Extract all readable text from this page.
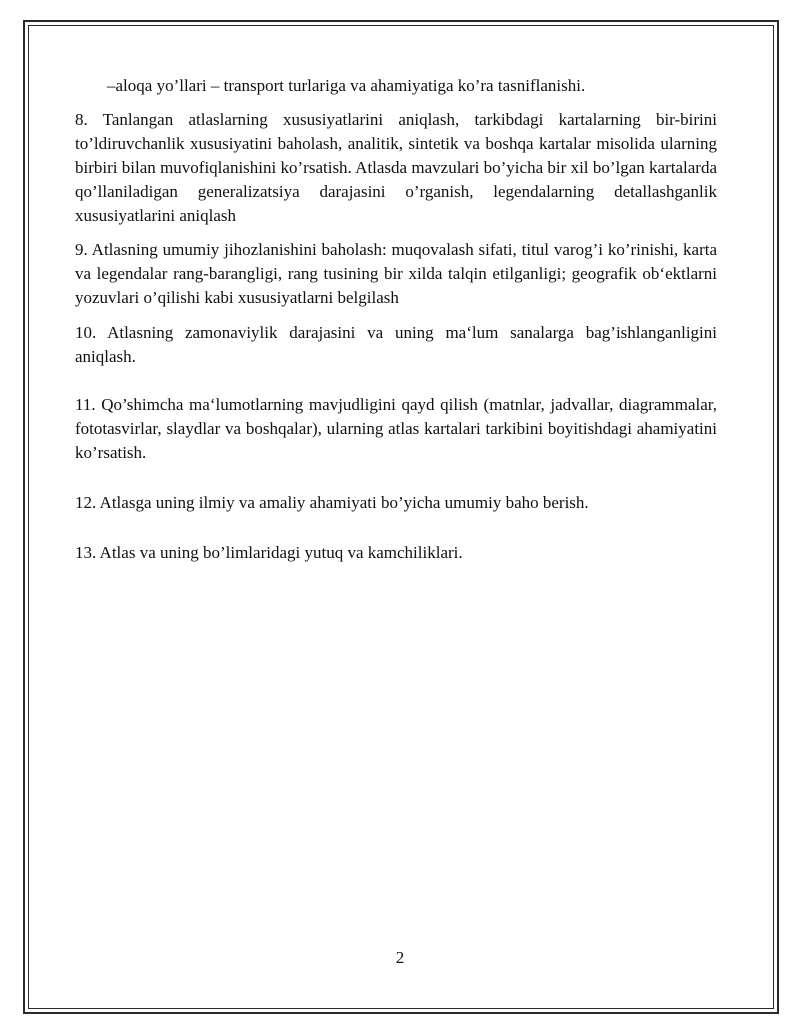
–aloqa yo’llari – transport turlariga va ahamiyatiga ko’ra tasniflanishi.

8. Tanlangan atlaslarning xususiyatlarini aniqlash, tarkibdagi kartalarning bir-birini to’ldiruvchanlik xususiyatini baholash, analitik, sintetik va boshqa kartalar misolida ularning birbiri bilan muvofiqlanishini ko’rsatish. Atlasda mavzulari bo’yicha bir xil bo’lgan kartalarda qo’llaniladigan generalizatsiya darajasini o’rganish, legendalarning detallashganlik xususiyatlarini aniqlash

9. Atlasning umumiy jihozlanishini baholash: muqovalash sifati, titul varog’i ko’rinishi, karta va legendalar rang-barangligi, rang tusining bir xilda talqin etilganligi; geografik ob‘ektlarni yozuvlari o’qilishi kabi xususiyatlarni belgilash

10. Atlasning zamonaviylik darajasini va uning ma‘lum sanalarga bag’ishlanganligini aniqlash.

11. Qo’shimcha ma‘lumotlarning mavjudligini qayd qilish (matnlar, jadvallar, diagrammalar, fototasvirlar, slaydlar va boshqalar), ularning atlas kartalari tarkibini boyitishdagi ahamiyatini ko’rsatish.

12. Atlasga uning ilmiy va amaliy ahamiyati bo’yicha umumiy baho berish.

13. Atlas va uning bo’limlaridagi yutuq va kamchiliklari.

2
